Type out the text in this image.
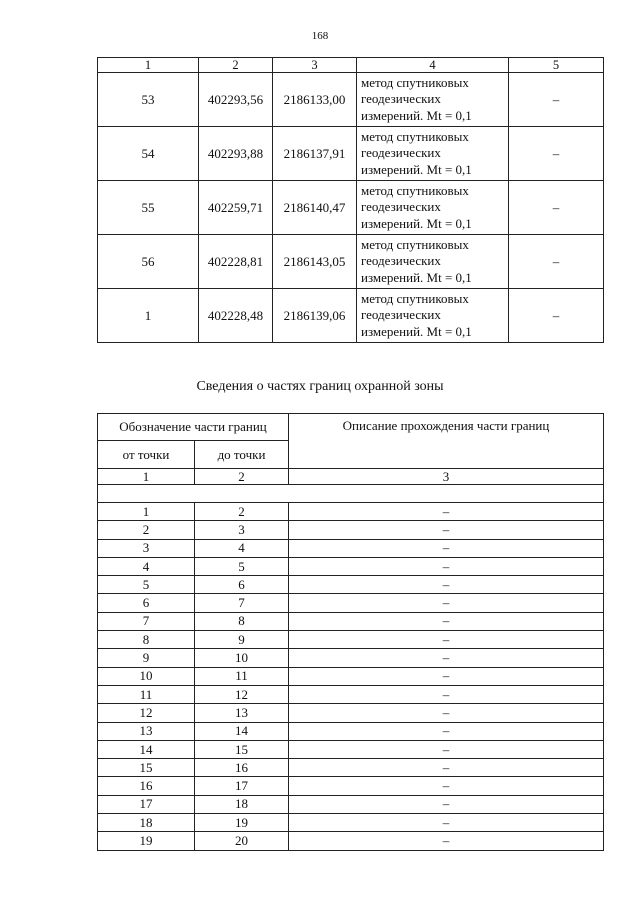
168
1	2	3	4	5
53	402293,56	2186133,00	метод спутниковых
геодезических
измерений. Mt = 0,1	–
54	402293,88	2186137,91	метод спутниковых
геодезических
измерений. Mt = 0,1	–
55	402259,71	2186140,47	метод спутниковых
геодезических
измерений. Mt = 0,1	–
56	402228,81	2186143,05	метод спутниковых
геодезических
измерений. Mt = 0,1	–
1	402228,48	2186139,06	метод спутниковых
геодезических
измерений. Mt = 0,1	–
Сведения о частях границ охранной зоны
Обозначение части границ		Описание прохождения части границ
от точки	до точки	
1	2	3

1	2	–
2	3	–
3	4	–
4	5	–
5	6	–
6	7	–
7	8	–
8	9	–
9	10	–
10	11	–
11	12	–
12	13	–
13	14	–
14	15	–
15	16	–
16	17	–
17	18	–
18	19	–
19	20	–
